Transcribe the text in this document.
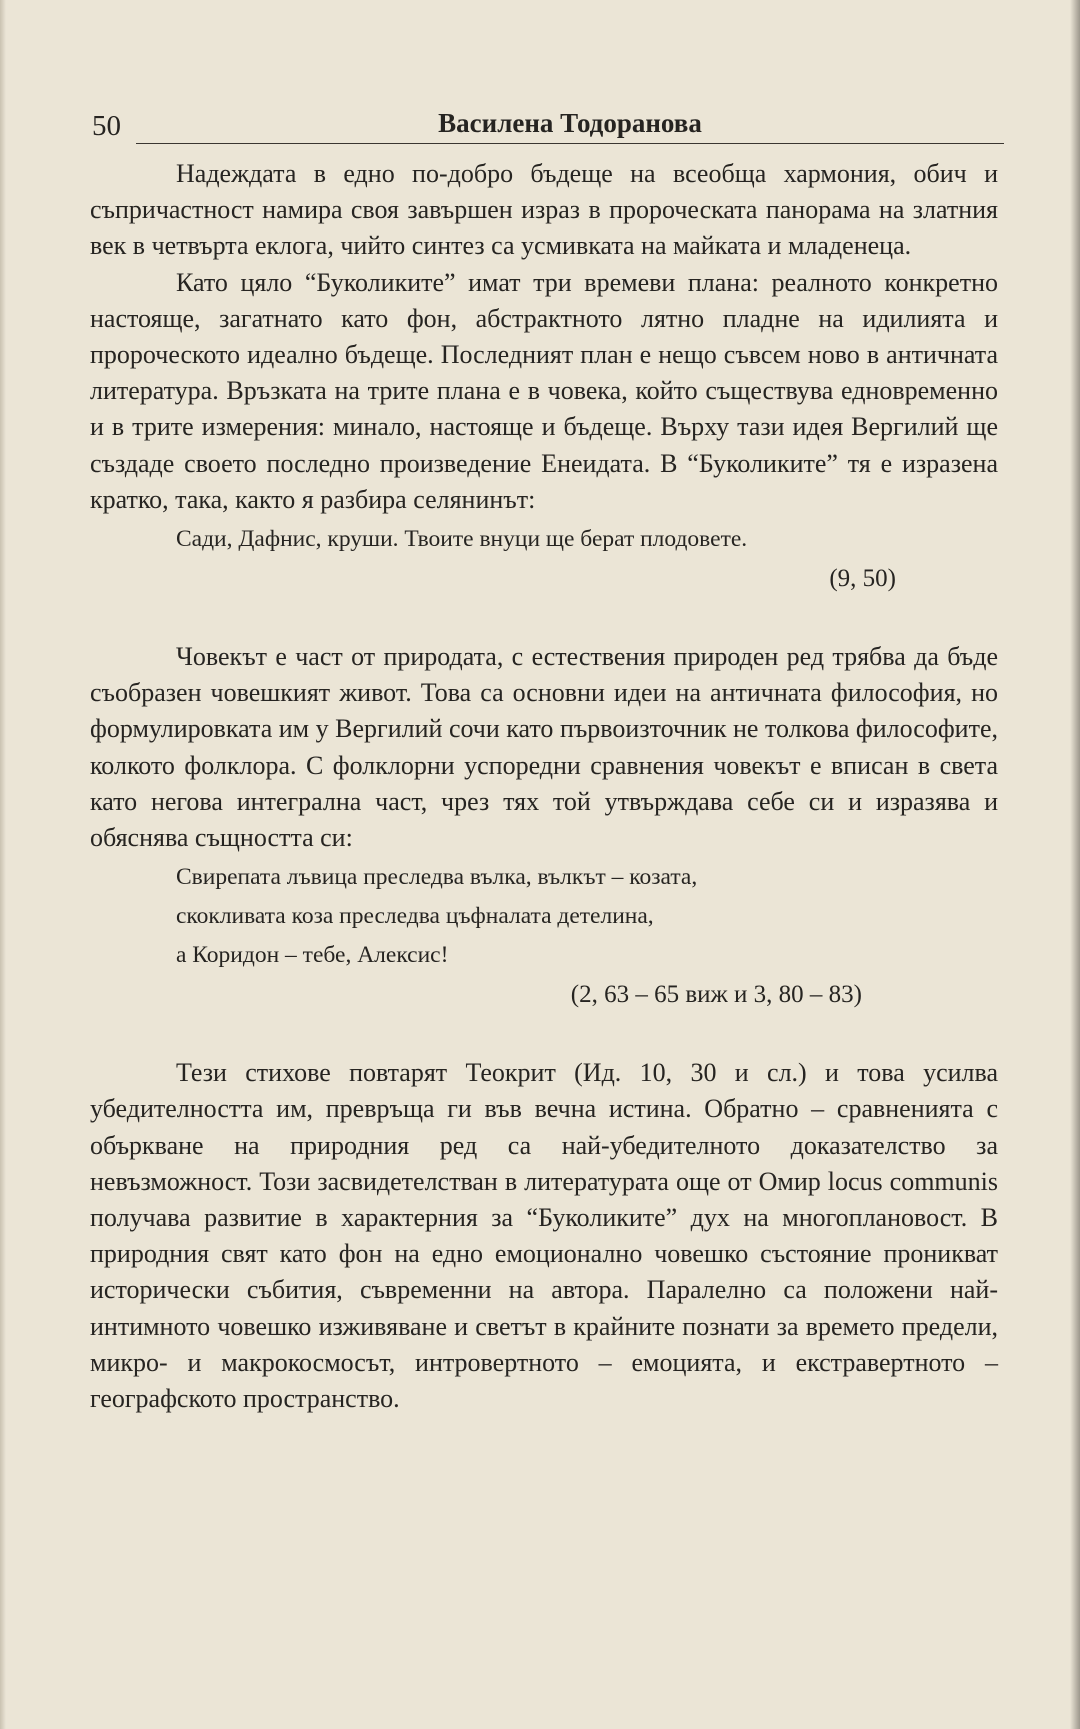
50	Василена Тодоранова

Надеждата в едно по-добро бъдеще на всеобща хармония, обич и съпричастност намира своя завършен израз в пророческата панорама на златния век в четвърта еклога, чийто синтез са усмивката на майката и младенеца.

Като цяло “Буколиките” имат три времеви плана: реалното конкретно настояще, загатнато като фон, абстрактното лятно пладне на идилията и пророческото идеално бъдеще. Последният план е нещо съвсем ново в античната литература. Връзката на трите плана е в човека, който съществува едновременно и в трите измерения: минало, настояще и бъдеще. Върху тази идея Вергилий ще създаде своето последно произведение Енеидата. В “Буколиките” тя е изразена кратко, така, както я разбира селянинът:

Сади, Дафнис, круши. Твоите внуци ще берат плодовете.
(9, 50)

Човекът е част от природата, с естествения природен ред трябва да бъде съобразен човешкият живот. Това са основни идеи на античната философия, но формулировката им у Вергилий сочи като първоизточник не толкова философите, колкото фолклора. С фолклорни успоредни сравнения човекът е вписан в света като негова интегрална част, чрез тях той утвърждава себе си и изразява и обяснява същността си:

Свирепата лъвица преследва вълка, вълкът – козата,
скокливата коза преследва цъфналата детелина,
а Коридон – тебе, Алексис!
(2, 63 – 65 виж и 3, 80 – 83)

Тези стихове повтарят Теокрит (Ид. 10, 30 и сл.) и това усилва убедителността им, превръща ги във вечна истина. Обратно – сравненията с объркване на природния ред са най-убедителното доказателство за невъзможност. Този засвидетелстван в литературата още от Омир locus communis получава развитие в характерния за “Буколиките” дух на многоплановост. В природния свят като фон на едно емоционално човешко състояние проникват исторически събития, съвременни на автора. Паралелно са положени най-интимното човешко изживяване и светът в крайните познати за времето предели, микро- и макрокосмосът, интровертното – емоцията, и екстравертното – географското пространство.
